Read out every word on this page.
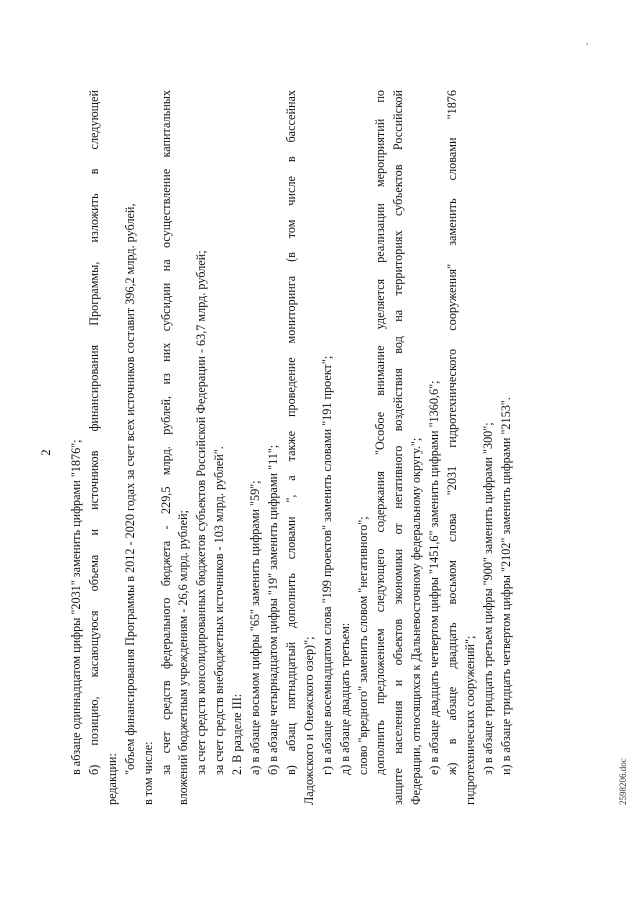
2 в абзаце одиннадцатом цифры "2031" заменить цифрами "1876"; б) позицию, касающуюся объема и источников финансирования Программы, изложить в следующей
редакции:
"объем финансирования Программы в 2012 - 2020 годах за счет всех источников составит 396,2 млрд. рублей, в том числе: за счет средств федерального бюджета - 229,5 млрд. рублей, из них субсидии на осуществление капитальных вложений бюджетным учреждениям - 26,6 млрд. рублей; за счет средств консолидированных бюджетов субъектов Российской Федерации - 63,7 млрд. рублей; за счет средств внебюджетных источников - 103 млрд. рублей". 2. В разделе III: а) в абзаце восьмом цифры "65" заменить цифрами "59"; б) в абзаце четырнадцатом цифры "19" заменить цифрами "11"; в) абзац пятнадцатый дополнить словами ", а также проведение мониторинга (в том числе в бассейнах Ладожского и Онежского озер)"; г) в абзаце восемнадцатом слова "199 проектов" заменить словами "191 проект"; д) в абзаце двадцать третьем: слово "вредного" заменить словом "негативного"; дополнить предложением следующего содержания "Особое внимание уделяется реализации мероприятий по защите населения и объектов экономики от негативного воздействия вод на территориях субъектов Российской Федерации, относящихся к Дальневосточному федеральному округу."; е) в абзаце двадцать четвертом цифры "1451,6" заменить цифрами "1360,6"; ж) в абзаце двадцать восьмом слова "2031 гидротехнического сооружения" заменить словами "1876 гидротехнических сооружений"; з) в абзаце тридцать третьем цифры "900" заменить цифрами "300"; и) в абзаце тридцать четвертом цифры "2102" заменить цифрами "2153".
2598206.doc
,
